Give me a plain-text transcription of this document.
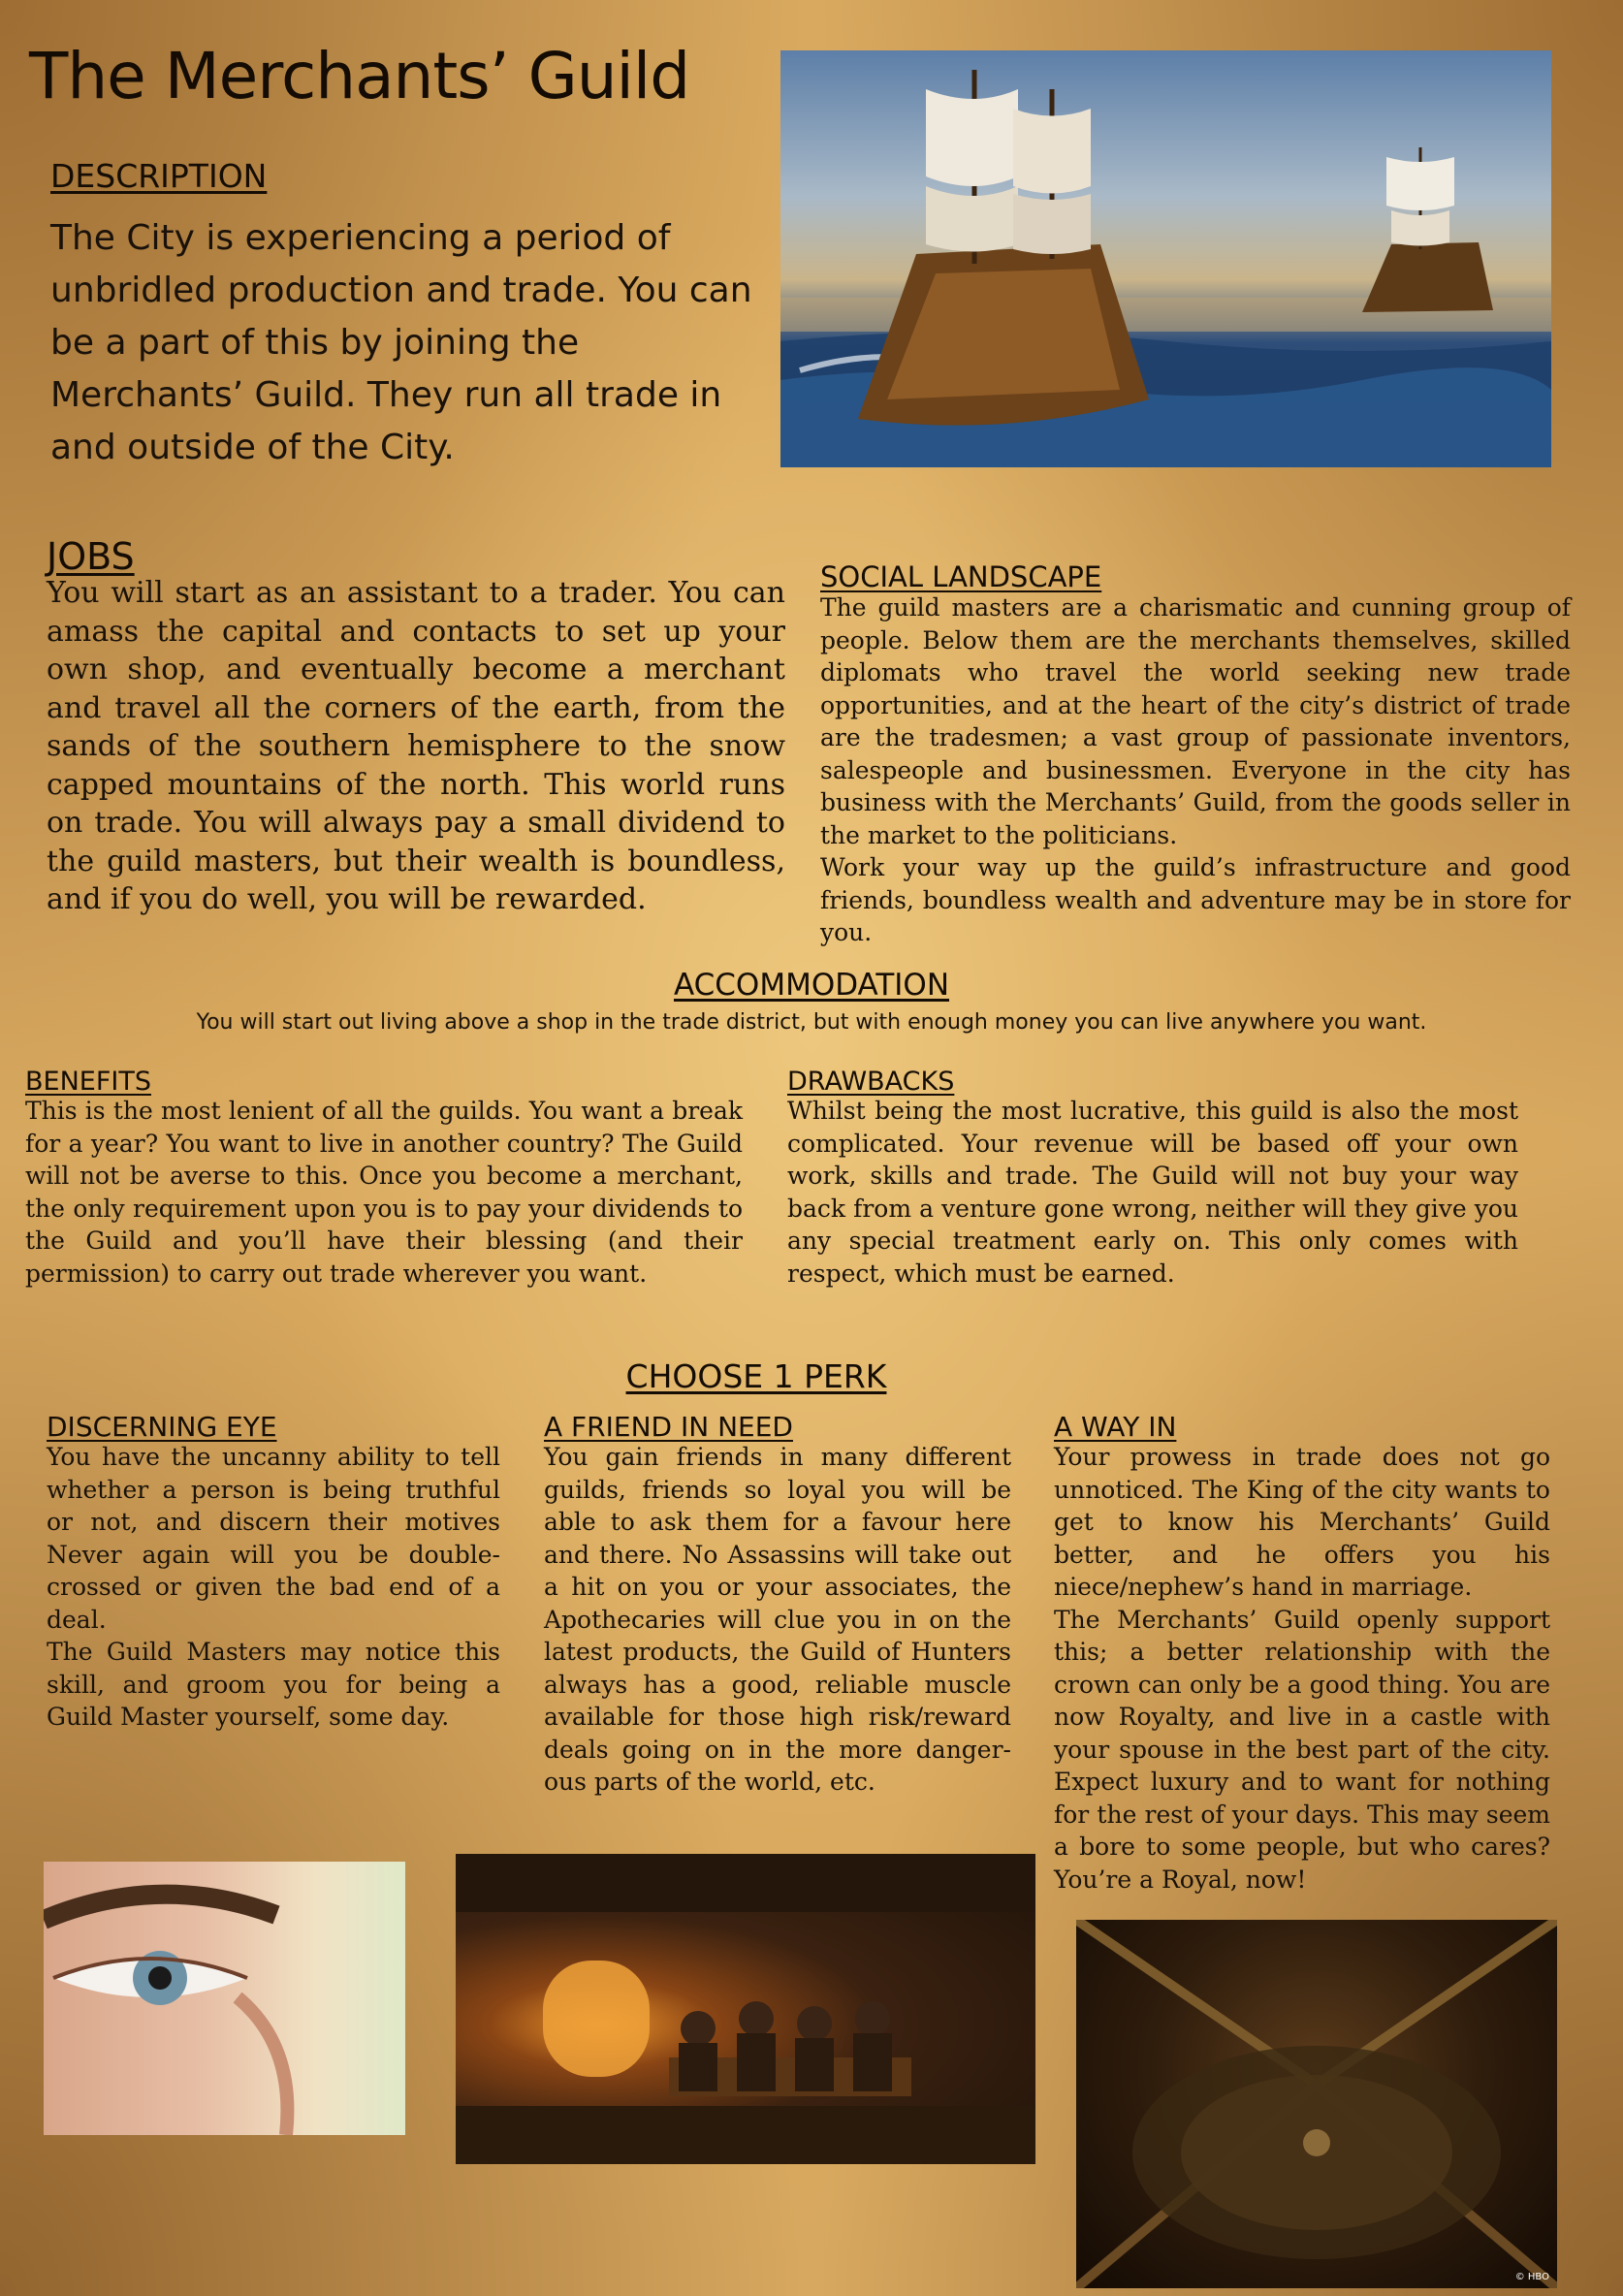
The Merchants’ Guild
DESCRIPTION

The City is experiencing a period of unbridled production and trade. You can be a part of this by joining the Merchants’ Guild. They run all trade in and outside of the City.

JOBS

You will start as an assistant to a trader. You can amass the capital and contacts to set up your own shop, and eventually become a merchant and travel all the corners of the earth, from the sands of the southern hemisphere to the snow capped mountains of the north. This world runs on trade. You will always pay a small dividend to the guild masters, but their wealth is boundless, and if you do well, you will be rewarded.

SOCIAL LANDSCAPE

The guild masters are a charismatic and cunning group of people. Below them are the merchants themselves, skilled diplomats who travel the world seeking new trade opportunities, and at the heart of the city’s district of trade are the tradesmen; a vast group of passionate inventors, salespeople and businessmen. Everyone in the city has business with the Merchants’ Guild, from the goods seller in the market to the politicians.

Work your way up the guild’s infrastructure and good friends, boundless wealth and adventure may be in store for you.

ACCOMMODATION

You will start out living above a shop in the trade district, but with enough money you can live anywhere you want.

BENEFITS

This is the most lenient of all the guilds. You want a break for a year? You want to live in another country? The Guild will not be averse to this. Once you become a merchant, the only requirement upon you is to pay your dividends to the Guild and you’ll have their blessing (and their permission) to carry out trade wherever you want.

DRAWBACKS

Whilst being the most lucrative, this guild is also the most complicated. Your revenue will be based off your own work, skills and trade. The Guild will not buy your way back from a venture gone wrong, neither will they give you any special treatment early on. This only comes with respect, which must be earned.

CHOOSE 1 PERK
DISCERNING EYE

You have the uncanny ability to tell whether a person is being truthful or not, and discern their motives Never again will you be double-crossed or given the bad end of a deal.

The Guild Masters may notice this skill, and groom you for being a Guild Master yourself, some day.

A FRIEND IN NEED

You gain friends in many different guilds, friends so loyal you will be able to ask them for a favour here and there. No Assassins will take out a hit on you or your associates, the Apothecaries will clue you in on the latest products, the Guild of Hunters always has a good, reliable muscle available for those high risk/reward deals going on in the more danger-ous parts of the world, etc.

A WAY IN

Your prowess in trade does not go unnoticed. The King of the city wants to get to know his Merchants’ Guild better, and he offers you his niece/nephew’s hand in marriage.

The Merchants’ Guild openly support this; a better relationship with the crown can only be a good thing. You are now Royalty, and live in a castle with your spouse in the best part of the city. Expect luxury and to want for nothing for the rest of your days. This may seem a bore to some people, but who cares? You’re a Royal, now!

© HBO
